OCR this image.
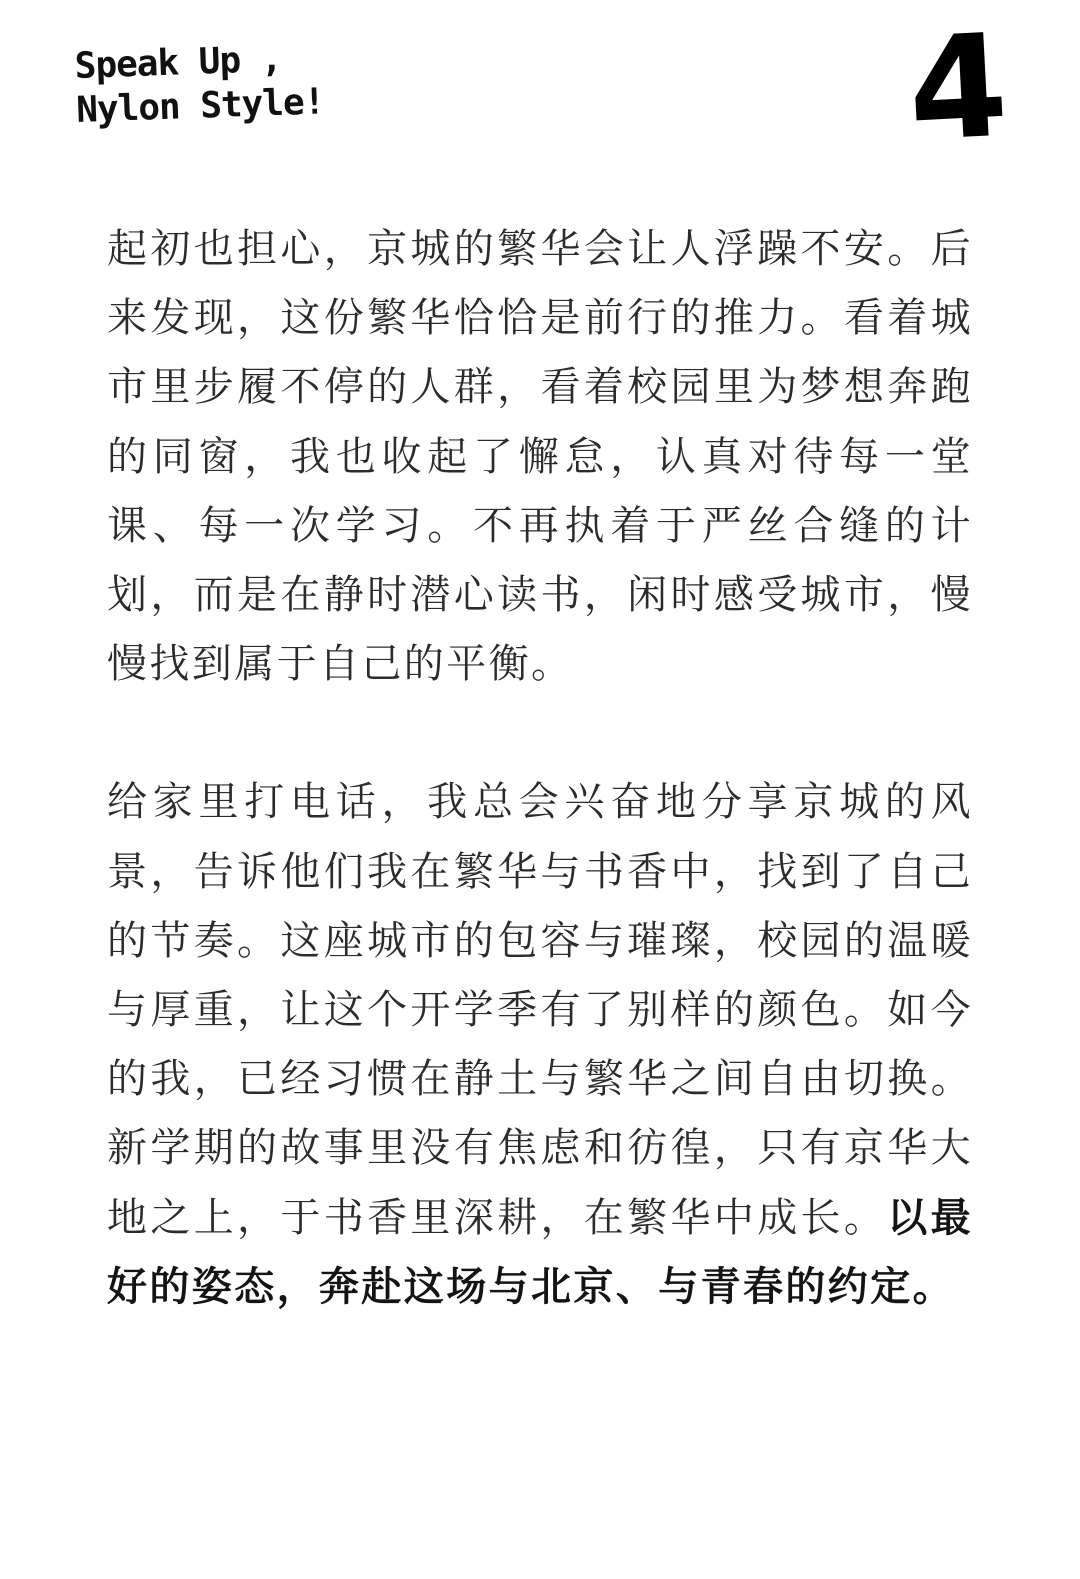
Speak Up ,
Nylon Style!	4

起初也担心，京城的繁华会让人浮躁不安。后来发现，这份繁华恰恰是前行的推力。看着城市里步履不停的人群，看着校园里为梦想奔跑的同窗，我也收起了懈怠，认真对待每一堂课、每一次学习。不再执着于严丝合缝的计划，而是在静时潜心读书，闲时感受城市，慢慢找到属于自己的平衡。

给家里打电话，我总会兴奋地分享京城的风景，告诉他们我在繁华与书香中，找到了自己的节奏。这座城市的包容与璀璨，校园的温暖与厚重，让这个开学季有了别样的颜色。如今的我，已经习惯在静土与繁华之间自由切换。新学期的故事里没有焦虑和彷徨，只有京华大地之上，于书香里深耕，在繁华中成长。以最好的姿态，奔赴这场与北京、与青春的约定。
